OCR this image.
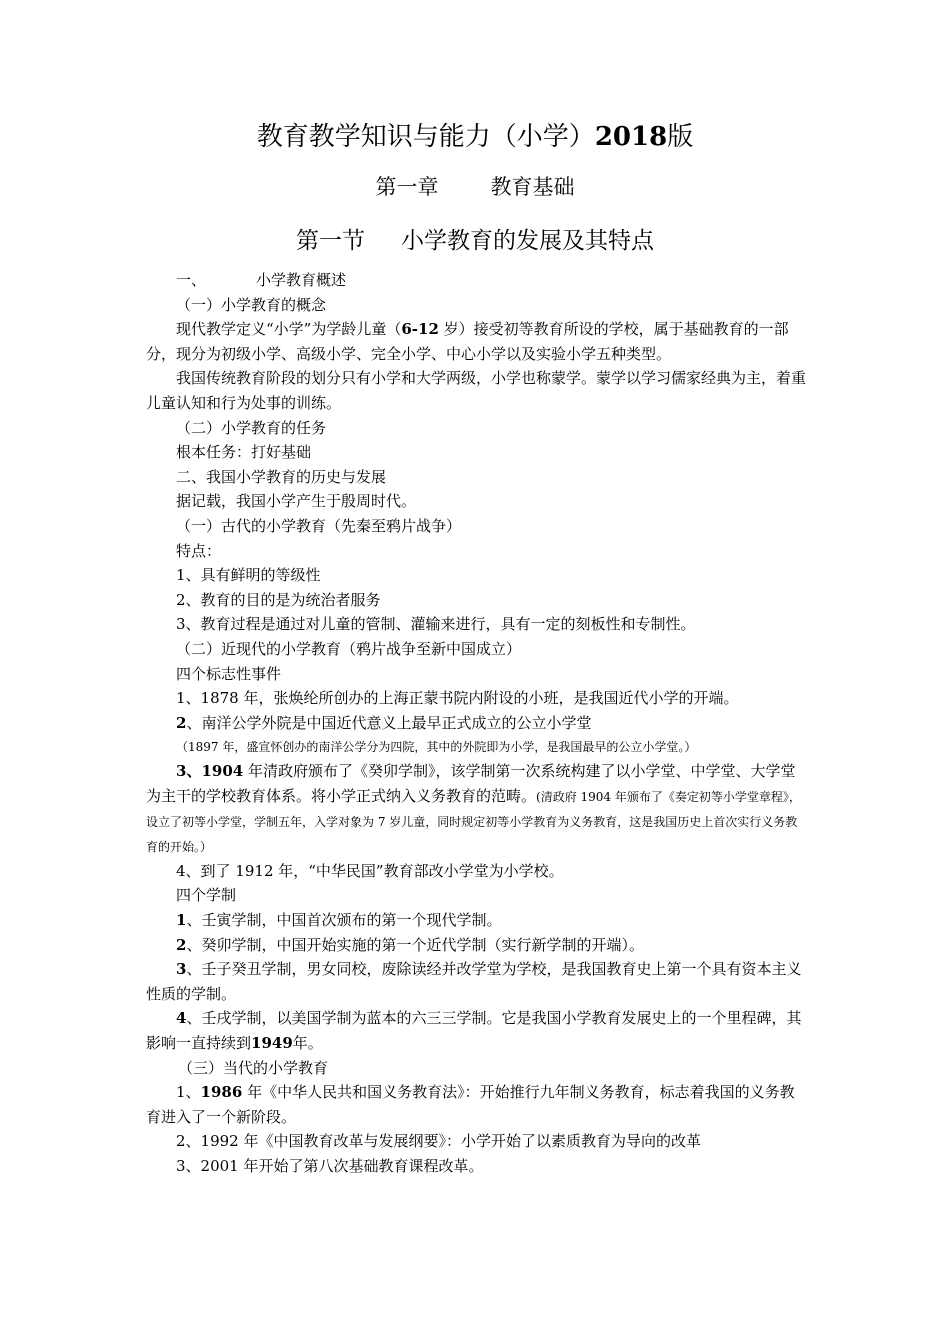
教育教学知识与能力（小学）2018版
第一章 教育基础
第一节 小学教育的发展及其特点

一、	小学教育概述

（一）小学教育的概念

现代教学定义“小学”为学龄儿童（6-12 岁）接受初等教育所设的学校，属于基础教育的一部分，现分为初级小学、高级小学、完全小学、中心小学以及实验小学五种类型。

我国传统教育阶段的划分只有小学和大学两级，小学也称蒙学。蒙学以学习儒家经典为主，着重儿童认知和行为处事的训练。

（二）小学教育的任务

根本任务：打好基础

二、我国小学教育的历史与发展

据记载，我国小学产生于殷周时代。

（一）古代的小学教育（先秦至鸦片战争）

特点：

1、具有鲜明的等级性

2、教育的目的是为统治者服务

3、教育过程是通过对儿童的管制、灌输来进行，具有一定的刻板性和专制性。

（二）近现代的小学教育（鸦片战争至新中国成立）

四个标志性事件

1、1878 年，张焕纶所创办的上海正蒙书院内附设的小班，是我国近代小学的开端。

2、南洋公学外院是中国近代意义上最早正式成立的公立小学堂

（1897 年，盛宣怀创办的南洋公学分为四院，其中的外院即为小学，是我国最早的公立小学堂。）

3、1904 年清政府颁布了《癸卯学制》，该学制第一次系统构建了以小学堂、中学堂、大学堂为主干的学校教育体系。将小学正式纳入义务教育的范畴。(清政府 1904 年颁布了《奏定初等小学堂章程》，设立了初等小学堂，学制五年，入学对象为 7 岁儿童，同时规定初等小学教育为义务教育，这是我国历史上首次实行义务教育的开始。）

4、到了 1912 年，“中华民国”教育部改小学堂为小学校。

四个学制

1、壬寅学制，中国首次颁布的第一个现代学制。

2、癸卯学制，中国开始实施的第一个近代学制（实行新学制的开端）。

3、壬子癸丑学制，男女同校，废除读经并改学堂为学校，是我国教育史上第一个具有资本主义性质的学制。

4、壬戌学制，以美国学制为蓝本的六三三学制。它是我国小学教育发展史上的一个里程碑，其影响一直持续到1949年。

（三）当代的小学教育

1、1986 年《中华人民共和国义务教育法》：开始推行九年制义务教育，标志着我国的义务教育进入了一个新阶段。

2、1992 年《中国教育改革与发展纲要》：小学开始了以素质教育为导向的改革

3、2001 年开始了第八次基础教育课程改革。
